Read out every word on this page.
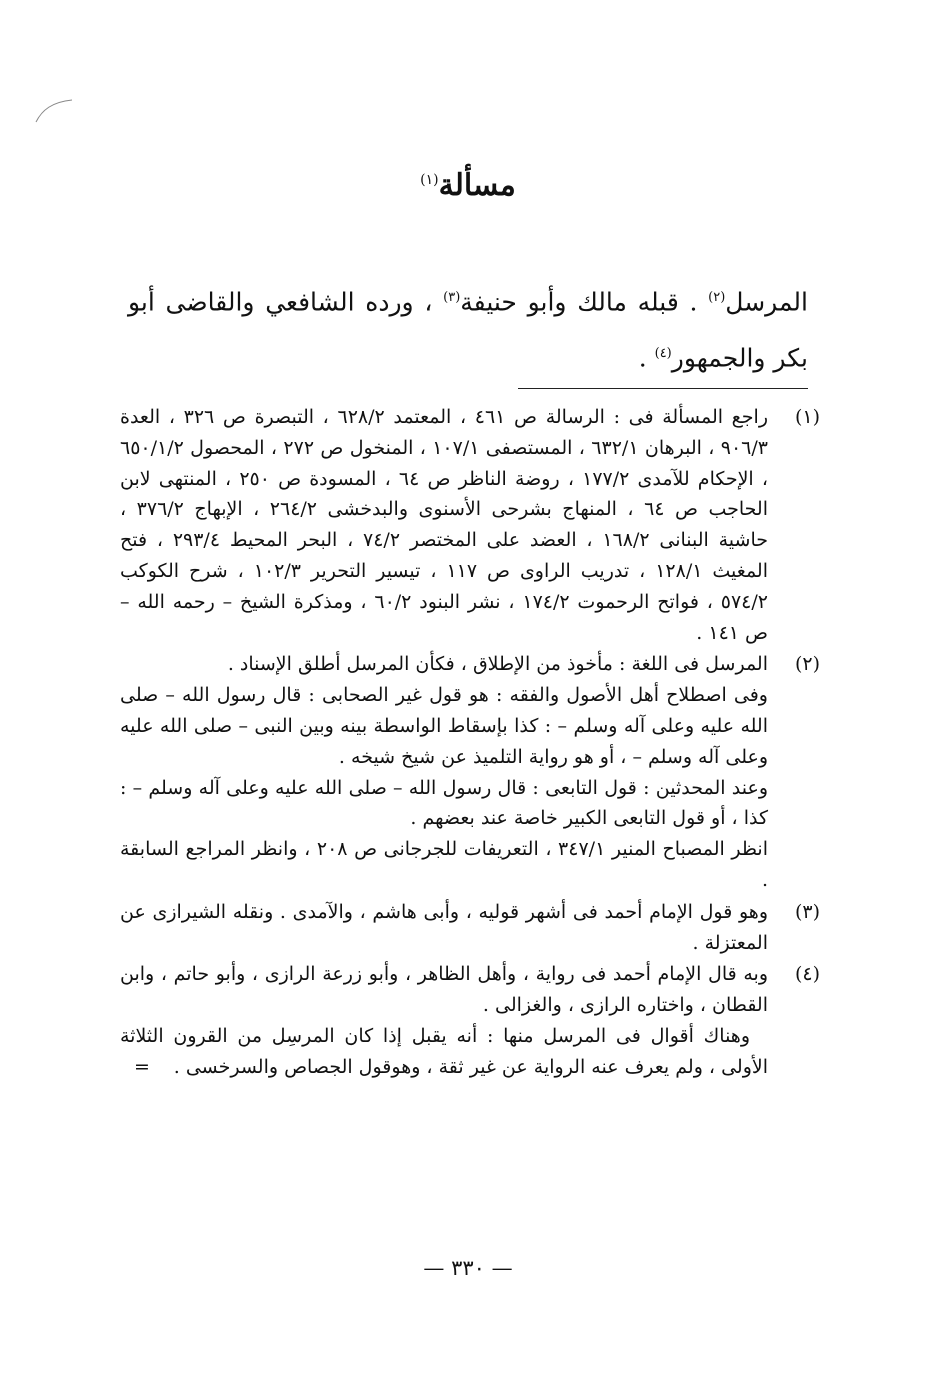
مسألة$^{(١)}$
المرسل$^{(٢)}$ . قبله مالك وأبو حنيفة$^{(٣)}$ ، ورده الشافعي والقاضى أبو بكر والجمهور$^{(٤)}$ .
(١)

راجع المسألة فى : الرسالة ص ٤٦١ ، المعتمد ٦٢٨/٢ ، التبصرة ص ٣٢٦ ، العدة ٩٠٦/٣ ، البرهان ٦٣٢/١ ، المستصفى ١٠٧/١ ، المنخول ص ٢٧٢ ، المحصول ٦٥٠/١/٢ ، الإحكام للآمدى ١٧٧/٢ ، روضة الناظر ص ٦٤ ، المسودة ص ٢٥٠ ، المنتهى لابن الحاجب ص ٦٤ ، المنهاج بشرحى الأسنوى والبدخشى ٢٦٤/٢ ، الإبهاج ٣٧٦/٢ ، حاشية البنانى ١٦٨/٢ ، العضد على المختصر ٧٤/٢ ، البحر المحيط ٢٩٣/٤ ، فتح المغيث ١٢٨/١ ، تدريب الراوى ص ١١٧ ، تيسير التحرير ١٠٢/٣ ، شرح الكوكب ٥٧٤/٢ ، فواتح الرحموت ١٧٤/٢ ، نشر البنود ٦٠/٢ ، ومذكرة الشيخ – رحمه الله – ص ١٤١ .

(٢)

المرسل فى اللغة : مأخوذ من الإطلاق ، فكأن المرسل أطلق الإسناد .

وفى اصطلاح أهل الأصول والفقه : هو قول غير الصحابى : قال رسول الله – صلى الله عليه وعلى آله وسلم – : كذا بإسقاط الواسطة بينه وبين النبى – صلى الله عليه وعلى آله وسلم – ، أو هو رواية التلميذ عن شيخ شيخه .

وعند المحدثين : قول التابعى : قال رسول الله – صلى الله عليه وعلى آله وسلم – : كذا ، أو قول التابعى الكبير خاصة عند بعضهم .

انظر المصباح المنير ٣٤٧/١ ، التعريفات للجرجانى ص ٢٠٨ ، وانظر المراجع السابقة .

(٣)

وهو قول الإمام أحمد فى أشهر قوليه ، وأبى هاشم ، والآمدى . ونقله الشيرازى عن المعتزلة .

(٤)

وبه قال الإمام أحمد فى رواية ، وأهل الظاهر ، وأبو زرعة الرازى ، وأبو حاتم ، وابن القطان ، واختاره الرازى ، والغزالى .

وهناك أقوال فى المرسل منها : أنه يقبل إذا كان المرسِل من القرون الثلاثة الأولى ، ولم يعرف عنه الرواية عن غير ثقة ، وهوقول الجصاص والسرخسى .
=

— ٣٣٠ —
